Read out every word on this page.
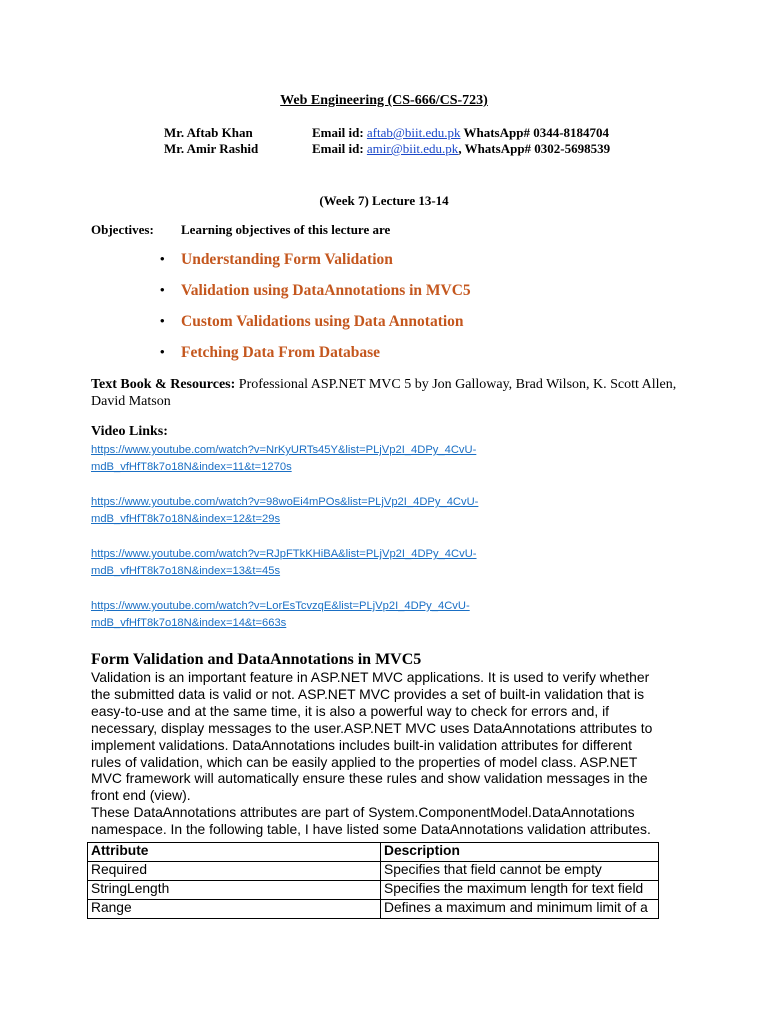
Web Engineering (CS-666/CS-723)
Mr. Aftab Khan	Email id: aftab@biit.edu.pk WhatsApp# 0344-8184704
Mr. Amir Rashid	Email id: amir@biit.edu.pk, WhatsApp# 0302-5698539
(Week 7) Lecture 13-14
Objectives: Learning objectives of this lecture are
• Understanding Form Validation
• Validation using DataAnnotations in MVC5
• Custom Validations using Data Annotation
• Fetching Data From Database
Text Book & Resources: Professional ASP.NET MVC 5 by Jon Galloway, Brad Wilson, K. Scott Allen,
David Matson
Video Links:
https://www.youtube.com/watch?v=NrKyURTs45Y&list=PLjVp2I_4DPy_4CvU-
mdB_vfHfT8k7o18N&index=11&t=1270s
https://www.youtube.com/watch?v=98woEi4mPOs&list=PLjVp2I_4DPy_4CvU-
mdB_vfHfT8k7o18N&index=12&t=29s
https://www.youtube.com/watch?v=RJpFTkKHiBA&list=PLjVp2I_4DPy_4CvU-
mdB_vfHfT8k7o18N&index=13&t=45s
https://www.youtube.com/watch?v=LorEsTcvzqE&list=PLjVp2I_4DPy_4CvU-
mdB_vfHfT8k7o18N&index=14&t=663s
Form Validation and DataAnnotations in MVC5
Validation is an important feature in ASP.NET MVC applications. It is used to verify whether
the submitted data is valid or not. ASP.NET MVC provides a set of built-in validation that is
easy-to-use and at the same time, it is also a powerful way to check for errors and, if
necessary, display messages to the user.ASP.NET MVC uses DataAnnotations attributes to
implement validations. DataAnnotations includes built-in validation attributes for different
rules of validation, which can be easily applied to the properties of model class. ASP.NET
MVC framework will automatically ensure these rules and show validation messages in the
front end (view).
These DataAnnotations attributes are part of System.ComponentModel.DataAnnotations
namespace. In the following table, I have listed some DataAnnotations validation attributes.
Attribute	Description
Required	Specifies that field cannot be empty
StringLength	Specifies the maximum length for text field
Range	Defines a maximum and minimum limit of a
